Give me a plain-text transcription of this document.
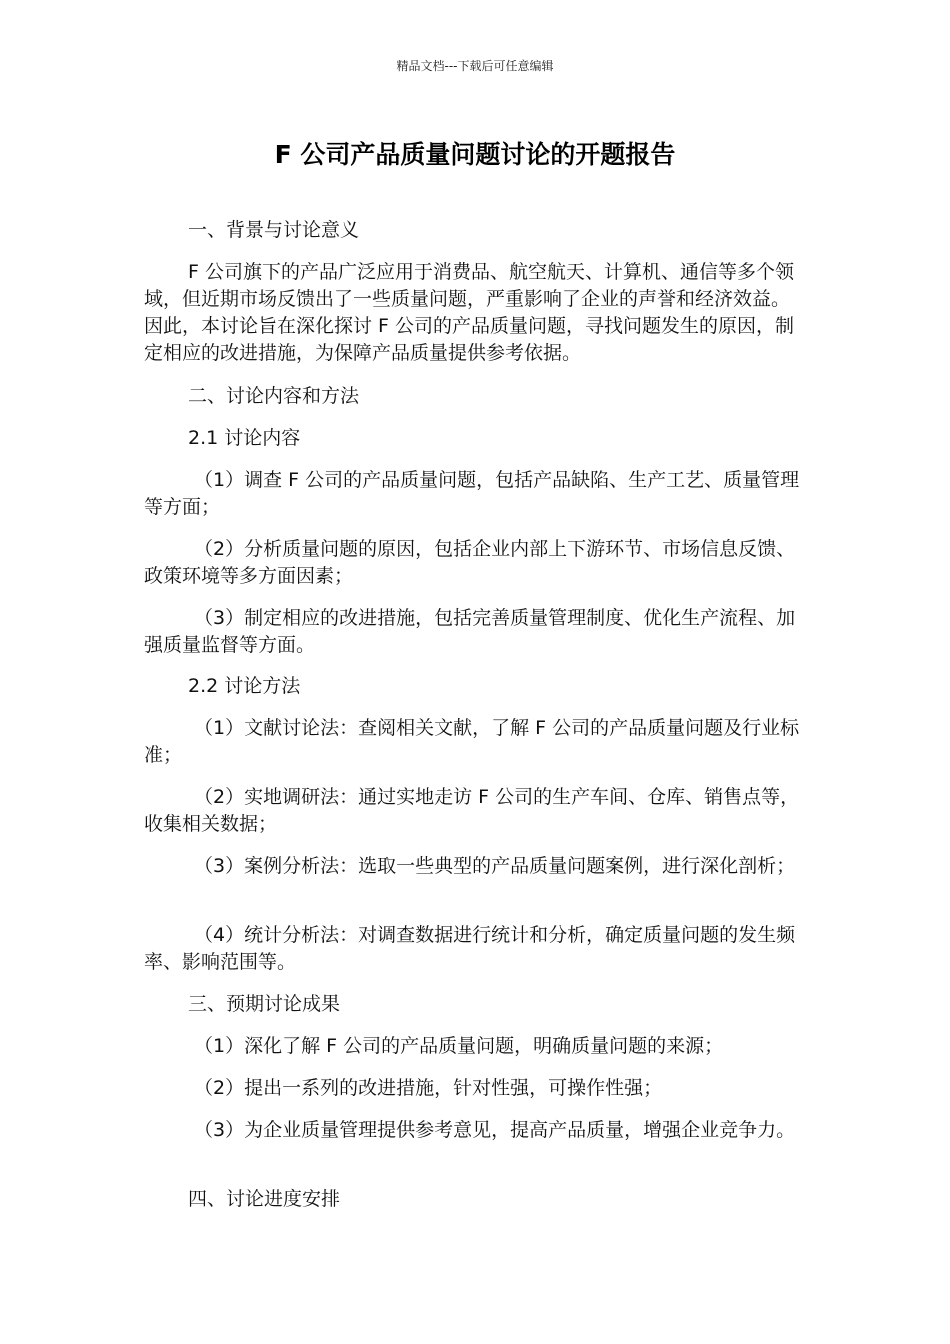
精品文档---下载后可任意编辑
F 公司产品质量问题讨论的开题报告

一、背景与讨论意义

F 公司旗下的产品广泛应用于消费品、航空航天、计算机、通信等多个领域，但近期市场反馈出了一些质量问题，严重影响了企业的声誉和经济效益。因此，本讨论旨在深化探讨 F 公司的产品质量问题，寻找问题发生的原因，制定相应的改进措施，为保障产品质量提供参考依据。

二、讨论内容和方法

2.1 讨论内容

（1）调查 F 公司的产品质量问题，包括产品缺陷、生产工艺、质量管理等方面；

（2）分析质量问题的原因，包括企业内部上下游环节、市场信息反馈、政策环境等多方面因素；

（3）制定相应的改进措施，包括完善质量管理制度、优化生产流程、加强质量监督等方面。

2.2 讨论方法

（1）文献讨论法：查阅相关文献，了解 F 公司的产品质量问题及行业标准；

（2）实地调研法：通过实地走访 F 公司的生产车间、仓库、销售点等，收集相关数据；

（3）案例分析法：选取一些典型的产品质量问题案例，进行深化剖析；

（4）统计分析法：对调查数据进行统计和分析，确定质量问题的发生频率、影响范围等。

三、预期讨论成果

（1）深化了解 F 公司的产品质量问题，明确质量问题的来源；

（2）提出一系列的改进措施，针对性强，可操作性强；

（3）为企业质量管理提供参考意见，提高产品质量，增强企业竞争力。

四、讨论进度安排
